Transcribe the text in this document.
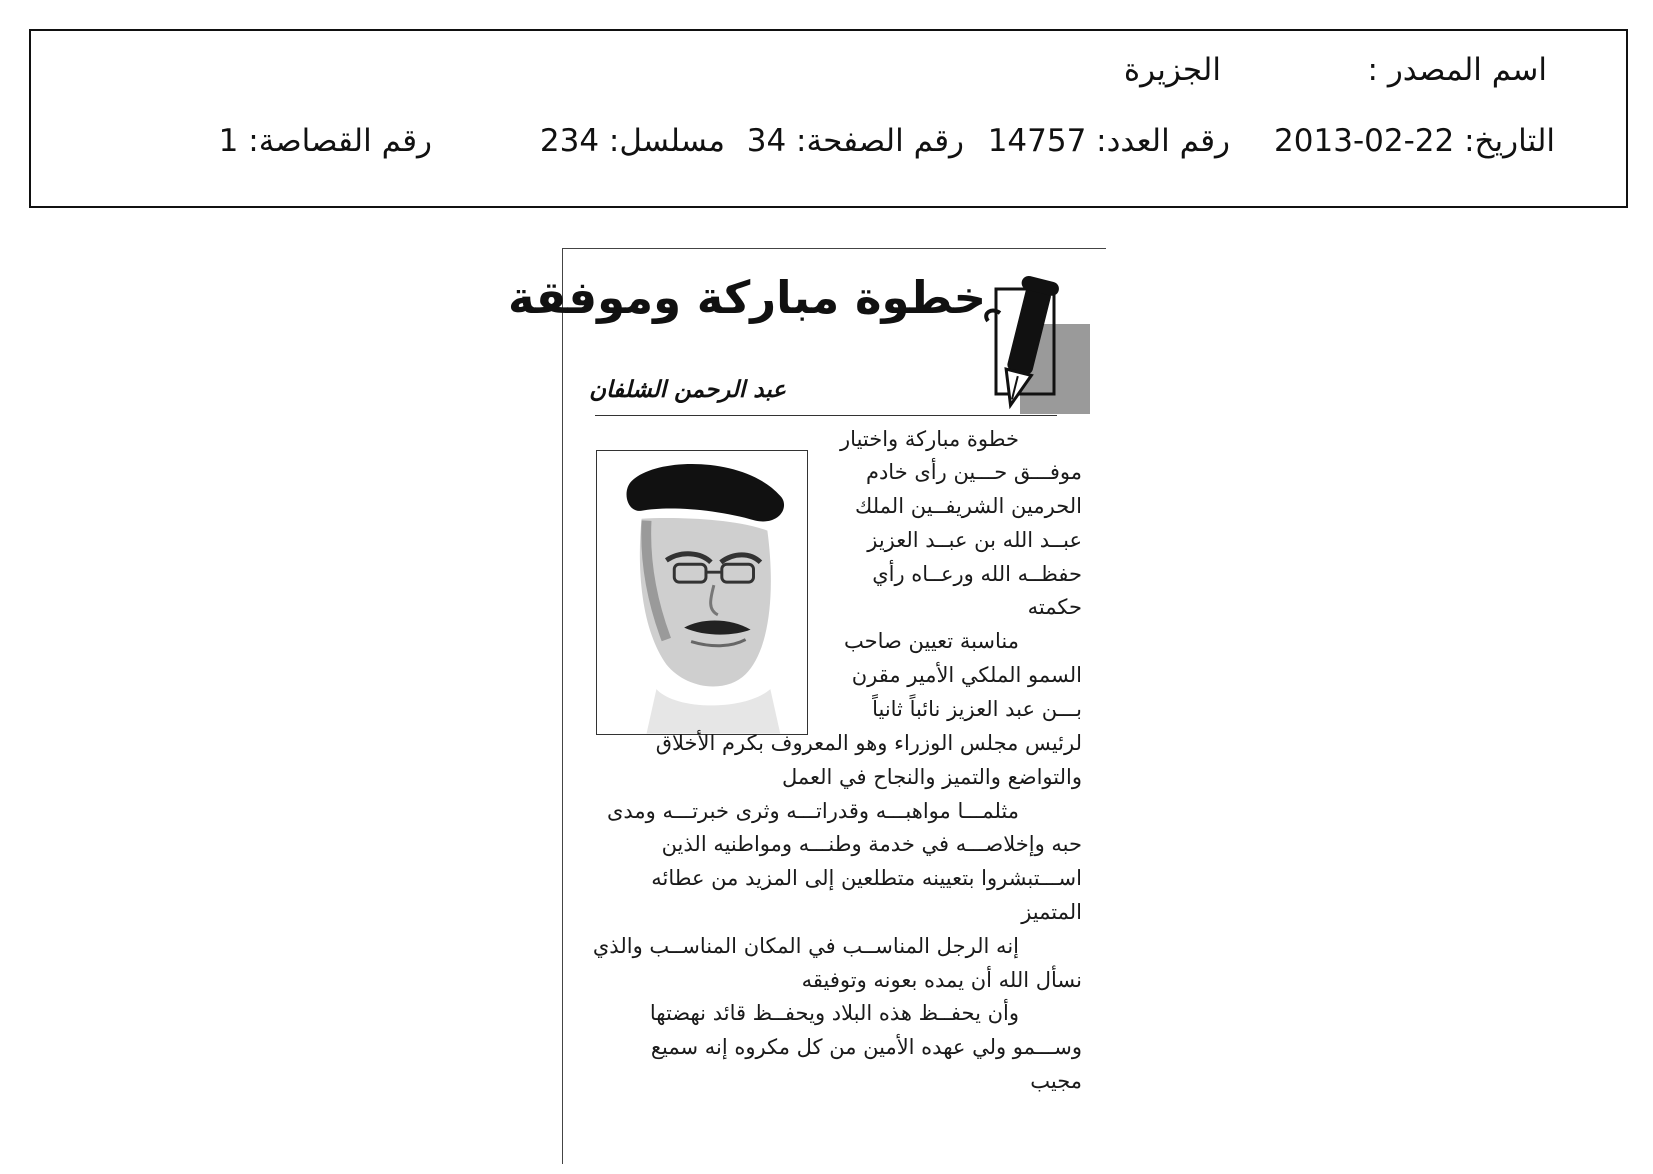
اسم المصدر :
الجزيرة
التاريخ: 22-02-2013
رقم العدد: 14757
رقم الصفحة: 34
مسلسل: 234
رقم القصاصة: 1
خطوة مباركة وموفقة
عبد الرحمن الشلفان
خطوة مباركة واختيار
موفـــق حـــين رأى خادم
الحرمين الشريفــين الملك
عبــد الله بن عبــد العزيز
حفظــه الله ورعــاه رأي
حكمته
مناسبة تعيين صاحب
السمو الملكي الأمير مقرن
بـــن عبد العزيز نائباً ثانياً
لرئيس مجلس الوزراء وهو المعروف بكرم الأخلاق
والتواضع والتميز والنجاح في العمل
مثلمـــا مواهبـــه وقدراتـــه وثرى خبرتـــه ومدى
حبه وإخلاصـــه في خدمة وطنـــه ومواطنيه الذين
اســـتبشروا بتعيينه متطلعين إلى المزيد من عطائه
المتميز
إنه الرجل المناســب في المكان المناســب والذي
نسأل الله أن يمده بعونه وتوفيقه
وأن يحفــظ هذه البلاد ويحفــظ قائد نهضتها
وســـمو ولي عهده الأمين من كل مكروه إنه سميع
مجيب
